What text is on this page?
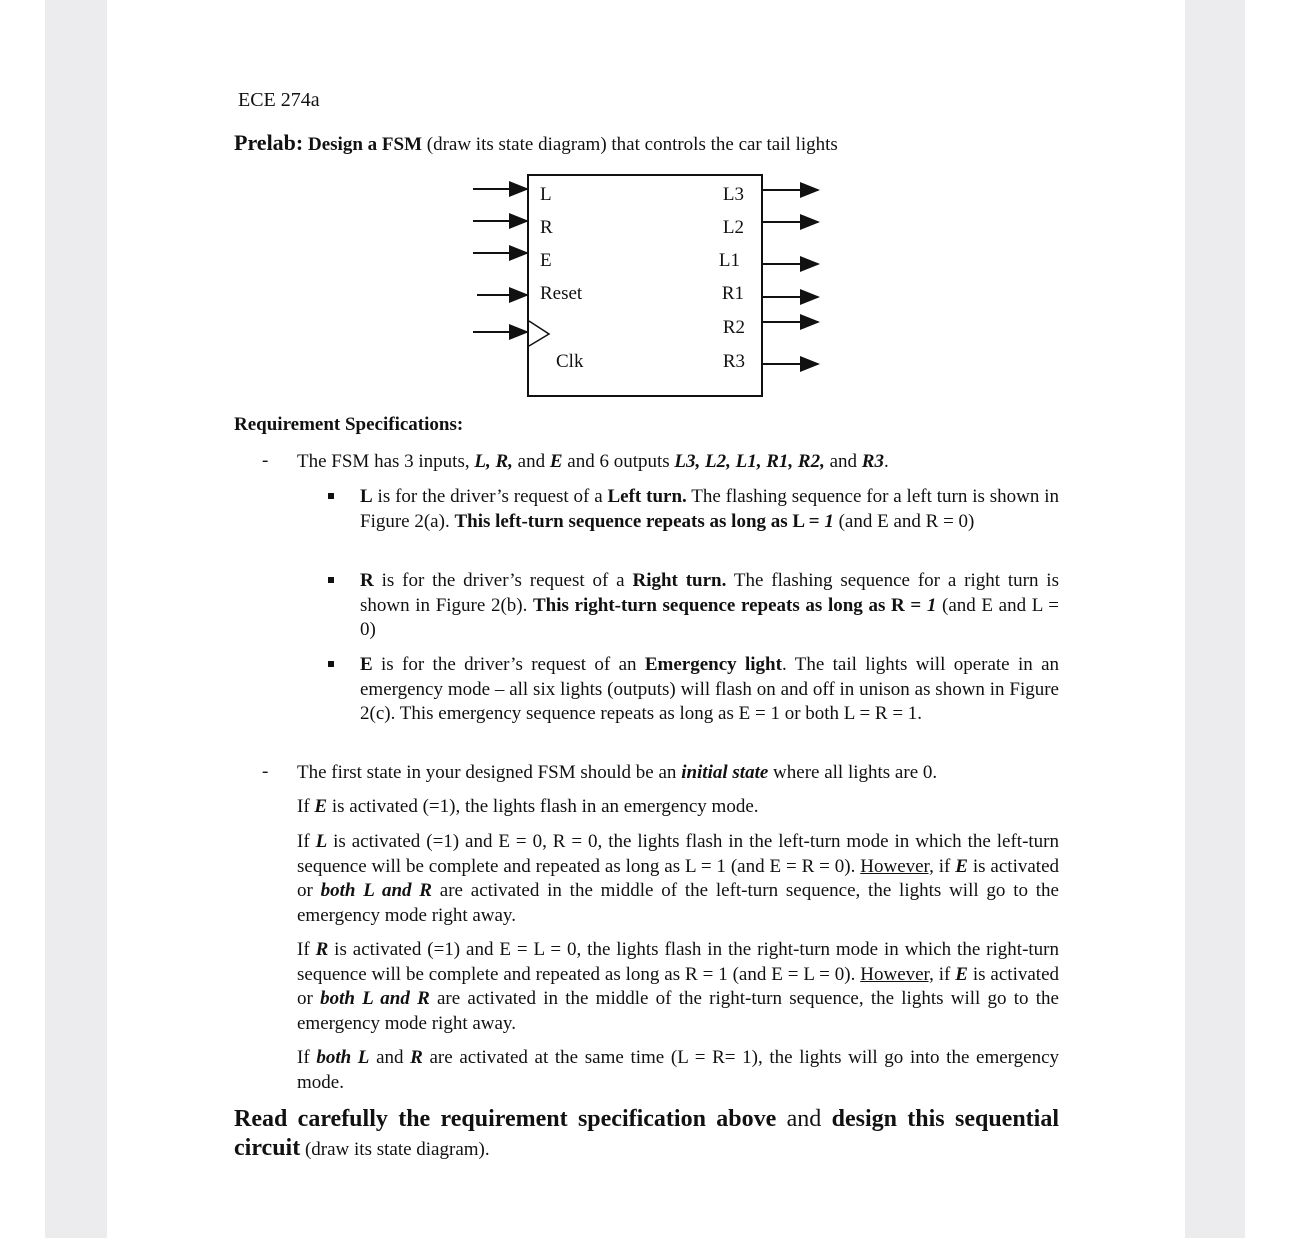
ECE 274a
Prelab: Design a FSM (draw its state diagram) that controls the car tail lights
L
R
E
Reset
Clk
L3
L2
L1
R1
R2
R3
Requirement Specifications:
- The FSM has 3 inputs, L, R, and E and 6 outputs L3, L2, L1, R1, R2, and R3.

L is for the driver’s request of a Left turn. The flashing sequence for a left turn is shown in Figure 2(a). This left-turn sequence repeats as long as L = 1 (and E and R = 0)

R is for the driver’s request of a Right turn. The flashing sequence for a right turn is shown in Figure 2(b). This right-turn sequence repeats as long as R = 1 (and E and L = 0)

E is for the driver’s request of an Emergency light. The tail lights will operate in an emergency mode – all six lights (outputs) will flash on and off in unison as shown in Figure 2(c). This emergency sequence repeats as long as E = 1 or both L = R = 1.

- The first state in your designed FSM should be an initial state where all lights are 0.

If E is activated (=1), the lights flash in an emergency mode.

If L is activated (=1) and E = 0, R = 0, the lights flash in the left-turn mode in which the left-turn sequence will be complete and repeated as long as L = 1 (and E = R = 0). However, if E is activated or both L and R are activated in the middle of the left-turn sequence, the lights will go to the emergency mode right away.

If R is activated (=1) and E = L = 0, the lights flash in the right-turn mode in which the right-turn sequence will be complete and repeated as long as R = 1 (and E = L = 0). However, if E is activated or both L and R are activated in the middle of the right-turn sequence, the lights will go to the emergency mode right away.

If both L and R are activated at the same time (L = R= 1), the lights will go into the emergency mode.

Read carefully the requirement specification above and design this sequential circuit (draw its state diagram).
